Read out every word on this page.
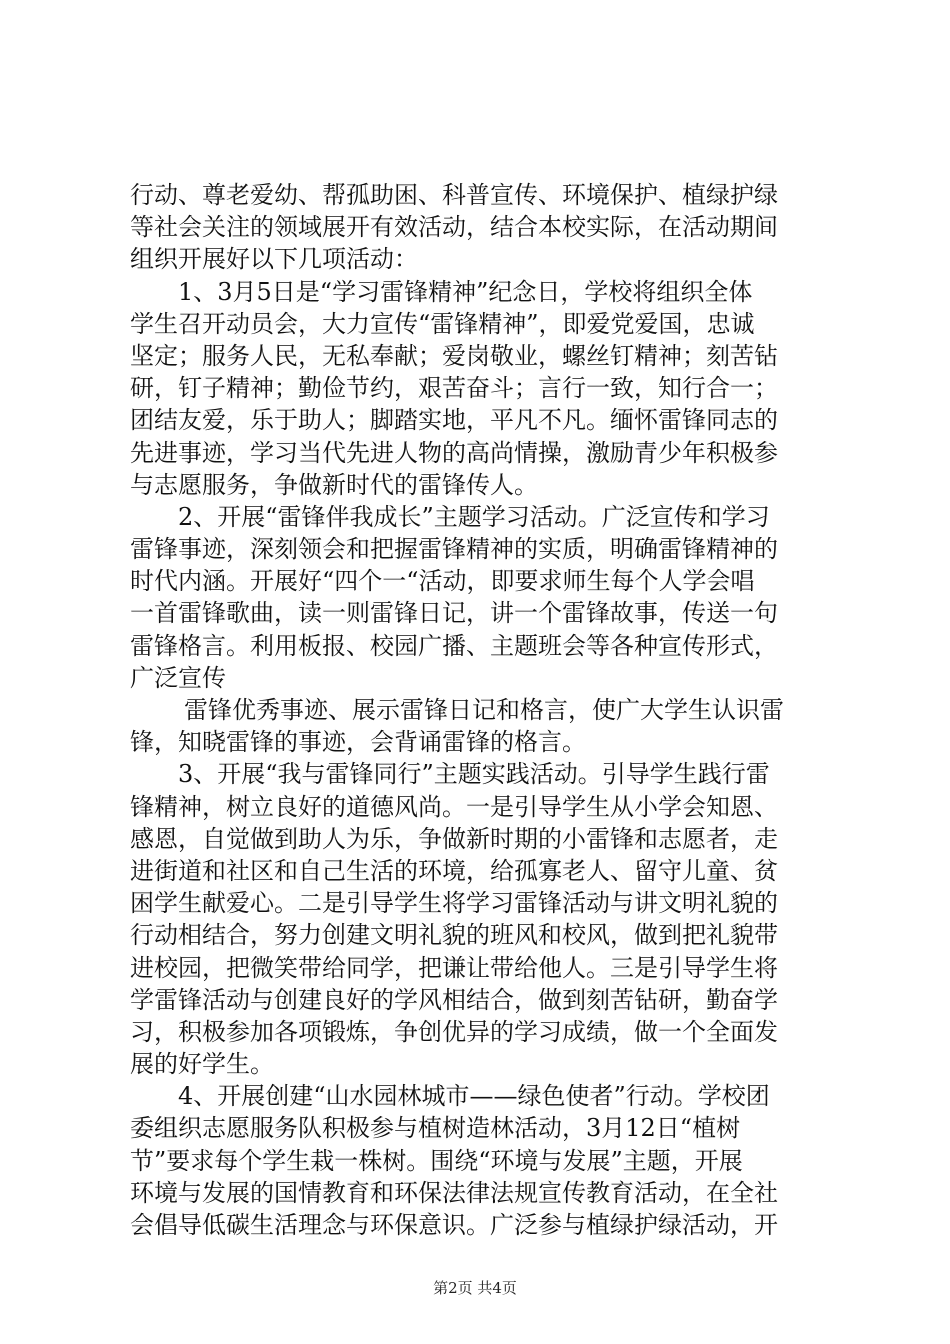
行动、尊老爱幼、帮孤助困、科普宣传、环境保护、植绿护绿
等社会关注的领域展开有效活动，结合本校实际，在活动期间
组织开展好以下几项活动：
1、3月5日是“学习雷锋精神”纪念日，学校将组织全体
学生召开动员会，大力宣传“雷锋精神”，即爱党爱国，忠诚
坚定；服务人民，无私奉献；爱岗敬业，螺丝钉精神；刻苦钻
研，钉子精神；勤俭节约，艰苦奋斗；言行一致，知行合一；
团结友爱，乐于助人；脚踏实地，平凡不凡。缅怀雷锋同志的
先进事迹，学习当代先进人物的高尚情操，激励青少年积极参
与志愿服务，争做新时代的雷锋传人。
2、开展“雷锋伴我成长”主题学习活动。广泛宣传和学习
雷锋事迹，深刻领会和把握雷锋精神的实质，明确雷锋精神的
时代内涵。开展好“四个一“活动，即要求师生每个人学会唱
一首雷锋歌曲，读一则雷锋日记，讲一个雷锋故事，传送一句
雷锋格言。利用板报、校园广播、主题班会等各种宣传形式，
广泛宣传
雷锋优秀事迹、展示雷锋日记和格言，使广大学生认识雷
锋，知晓雷锋的事迹，会背诵雷锋的格言。
3、开展“我与雷锋同行”主题实践活动。引导学生践行雷
锋精神，树立良好的道德风尚。一是引导学生从小学会知恩、
感恩，自觉做到助人为乐，争做新时期的小雷锋和志愿者，走
进街道和社区和自己生活的环境，给孤寡老人、留守儿童、贫
困学生献爱心。二是引导学生将学习雷锋活动与讲文明礼貌的
行动相结合，努力创建文明礼貌的班风和校风，做到把礼貌带
进校园，把微笑带给同学，把谦让带给他人。三是引导学生将
学雷锋活动与创建良好的学风相结合，做到刻苦钻研，勤奋学
习，积极参加各项锻炼，争创优异的学习成绩，做一个全面发
展的好学生。
4、开展创建“山水园林城市——绿色使者”行动。学校团
委组织志愿服务队积极参与植树造林活动，3月12日“植树
节”要求每个学生栽一株树。围绕“环境与发展”主题，开展
环境与发展的国情教育和环保法律法规宣传教育活动，在全社
会倡导低碳生活理念与环保意识。广泛参与植绿护绿活动，开
第2页 共4页
